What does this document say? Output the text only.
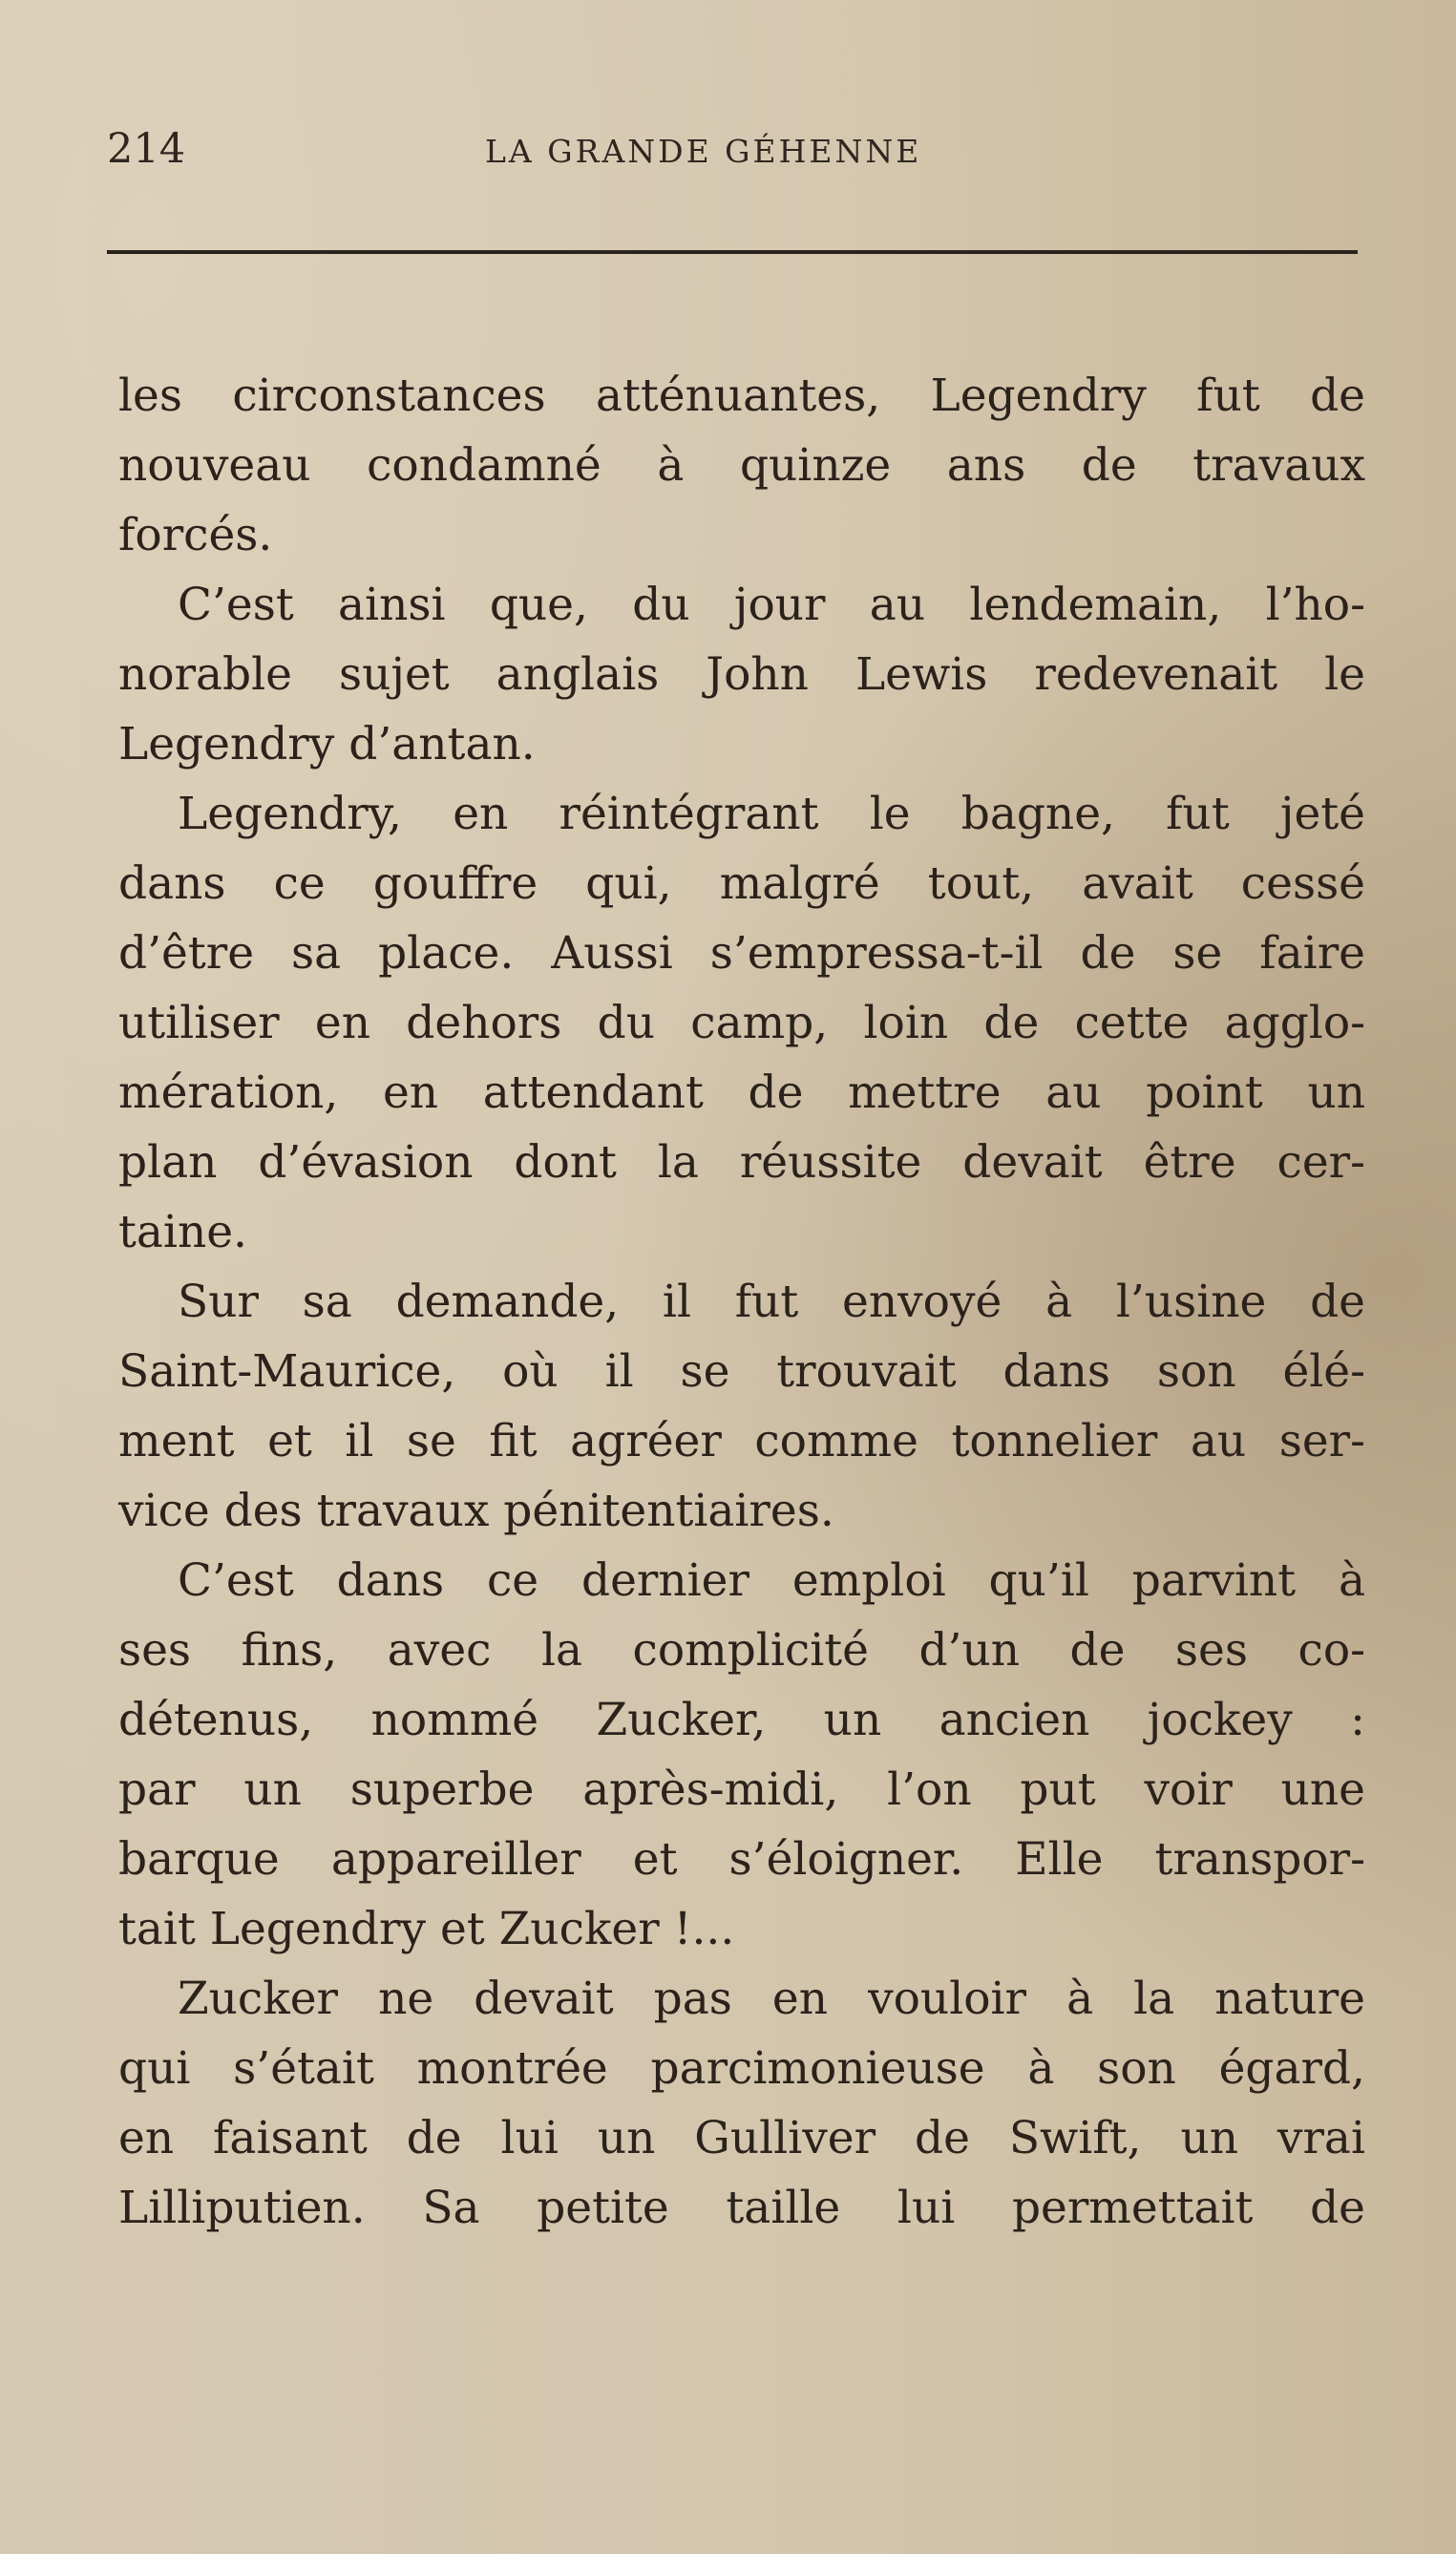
214	LA GRANDE GÉHENNE
les circonstances atténuantes, Legendry fut de
nouveau condamné à quinze ans de travaux
forcés.
C’est ainsi que, du jour au lendemain, l’ho-
norable sujet anglais John Lewis redevenait le
Legendry d’antan.
Legendry, en réintégrant le bagne, fut jeté
dans ce gouffre qui, malgré tout, avait cessé
d’être sa place. Aussi s’empressa-t-il de se faire
utiliser en dehors du camp, loin de cette agglo-
mération, en attendant de mettre au point un
plan d’évasion dont la réussite devait être cer-
taine.
Sur sa demande, il fut envoyé à l’usine de
Saint-Maurice, où il se trouvait dans son élé-
ment et il se fit agréer comme tonnelier au ser-
vice des travaux pénitentiaires.
C’est dans ce dernier emploi qu’il parvint à
ses fins, avec la complicité d’un de ses co-
détenus, nommé Zucker, un ancien jockey :
par un superbe après-midi, l’on put voir une
barque appareiller et s’éloigner. Elle transpor-
tait Legendry et Zucker !...
Zucker ne devait pas en vouloir à la nature
qui s’était montrée parcimonieuse à son égard,
en faisant de lui un Gulliver de Swift, un vrai
Lilliputien. Sa petite taille lui permettait de
